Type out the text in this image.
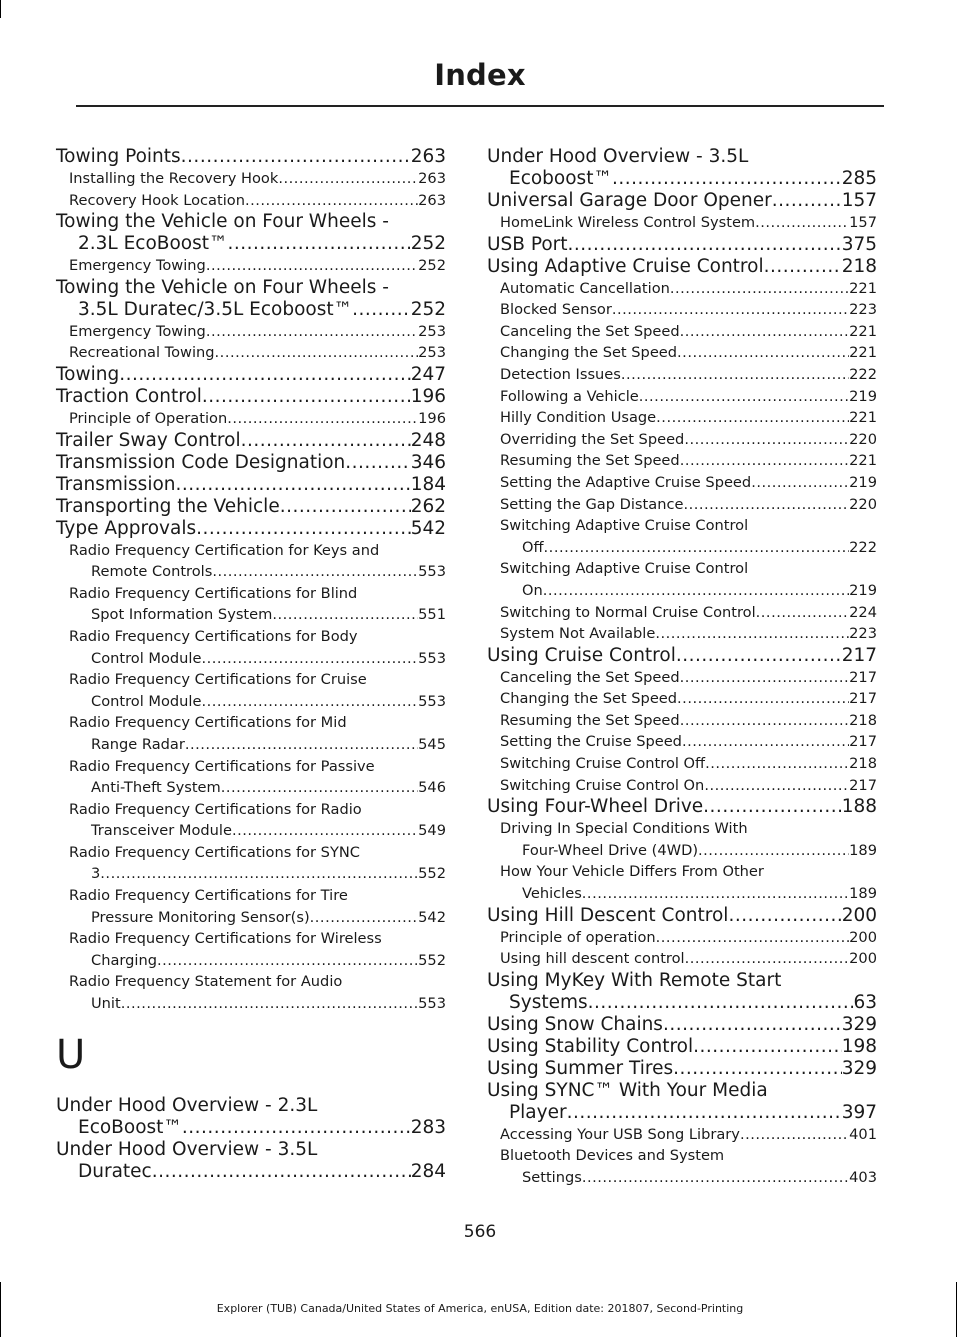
Index
Towing Points .....	263
Installing the Recovery Hook .....	263
Recovery Hook Location .....	263
Towing the Vehicle on Four Wheels -
2.3L EcoBoost™ .....	252
Emergency Towing .....	252
Towing the Vehicle on Four Wheels -
3.5L Duratec/3.5L Ecoboost™ .....	252
Emergency Towing .....	253
Recreational Towing .....	253
Towing .....	247
Traction Control .....	196
Principle of Operation .....	196
Trailer Sway Control .....	248
Transmission Code Designation .....	346
Transmission .....	184
Transporting the Vehicle .....	262
Type Approvals .....	542
Radio Frequency Certification for Keys and
Remote Controls .....	553
Radio Frequency Certifications for Blind
Spot Information System .....	551
Radio Frequency Certifications for Body
Control Module .....	553
Radio Frequency Certifications for Cruise
Control Module .....	553
Radio Frequency Certifications for Mid
Range Radar .....	545
Radio Frequency Certifications for Passive
Anti-Theft System .....	546
Radio Frequency Certifications for Radio
Transceiver Module .....	549
Radio Frequency Certifications for SYNC
3 .....	552
Radio Frequency Certifications for Tire
Pressure Monitoring Sensor(s) .....	542
Radio Frequency Certifications for Wireless
Charging .....	552
Radio Frequency Statement for Audio
Unit .....	553
U
Under Hood Overview - 2.3L
EcoBoost™ .....	283
Under Hood Overview - 3.5L
Duratec .....	284
Under Hood Overview - 3.5L
Ecoboost™ .....	285
Universal Garage Door Opener .....	157
HomeLink Wireless Control System .....	157
USB Port .....	375
Using Adaptive Cruise Control .....	218
Automatic Cancellation .....	221
Blocked Sensor .....	223
Canceling the Set Speed .....	221
Changing the Set Speed .....	221
Detection Issues .....	222
Following a Vehicle .....	219
Hilly Condition Usage .....	221
Overriding the Set Speed .....	220
Resuming the Set Speed .....	221
Setting the Adaptive Cruise Speed .....	219
Setting the Gap Distance .....	220
Switching Adaptive Cruise Control
Off .....	222
Switching Adaptive Cruise Control
On .....	219
Switching to Normal Cruise Control .....	224
System Not Available .....	223
Using Cruise Control .....	217
Canceling the Set Speed .....	217
Changing the Set Speed .....	217
Resuming the Set Speed .....	218
Setting the Cruise Speed .....	217
Switching Cruise Control Off .....	218
Switching Cruise Control On .....	217
Using Four-Wheel Drive .....	188
Driving In Special Conditions With
Four-Wheel Drive (4WD) .....	189
How Your Vehicle Differs From Other
Vehicles .....	189
Using Hill Descent Control .....	200
Principle of operation .....	200
Using hill descent control .....	200
Using MyKey With Remote Start
Systems .....	63
Using Snow Chains .....	329
Using Stability Control .....	198
Using Summer Tires .....	329
Using SYNC™ With Your Media
Player .....	397
Accessing Your USB Song Library .....	401
Bluetooth Devices and System
Settings .....	403
566
Explorer (TUB) Canada/United States of America, enUSA, Edition date: 201807, Second-Printing
